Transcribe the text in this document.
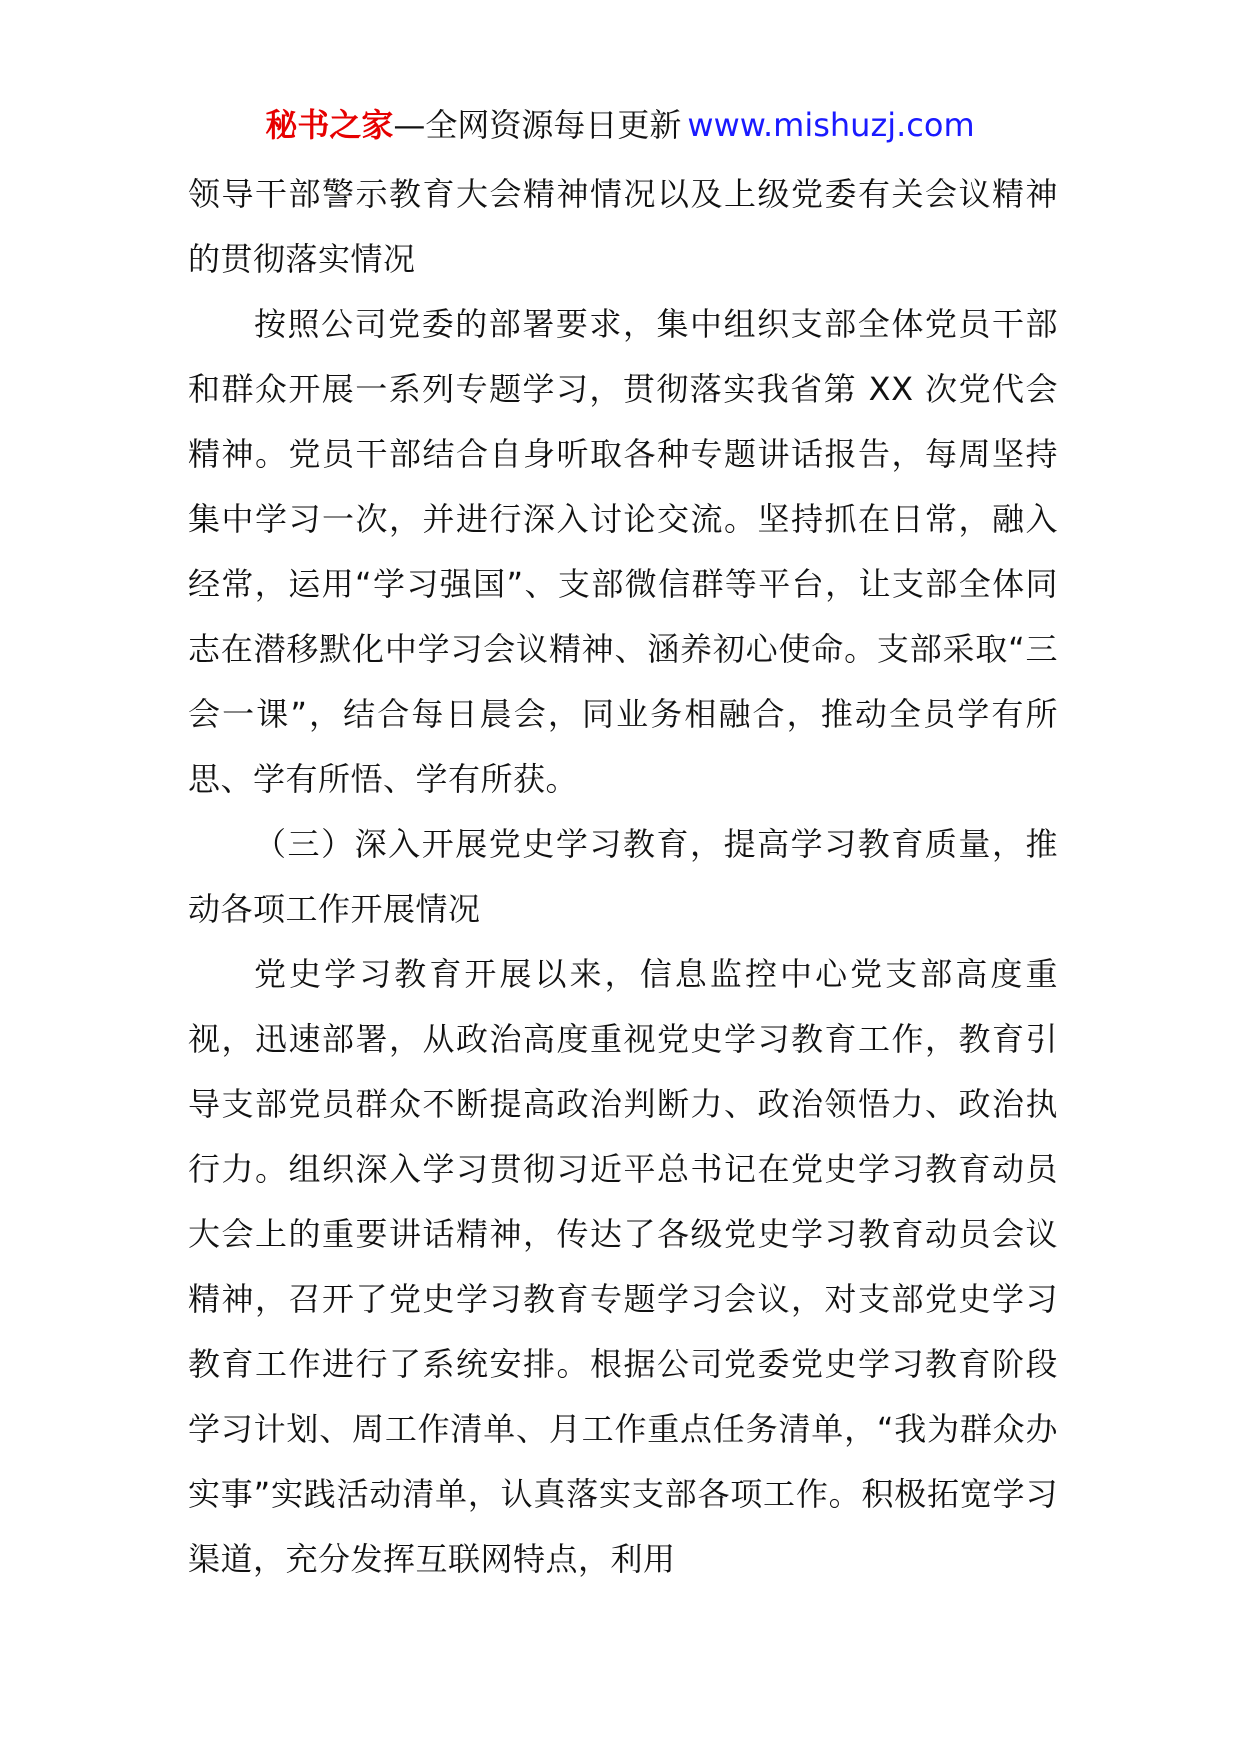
秘书之家—全网资源每日更新 www.mishuzj.com

领导干部警示教育大会精神情况以及上级党委有关会议精神的贯彻落实情况

按照公司党委的部署要求，集中组织支部全体党员干部和群众开展一系列专题学习，贯彻落实我省第 XX 次党代会精神。党员干部结合自身听取各种专题讲话报告，每周坚持集中学习一次，并进行深入讨论交流。坚持抓在日常，融入经常，运用“学习强国”、支部微信群等平台，让支部全体同志在潜移默化中学习会议精神、涵养初心使命。支部采取“三会一课”，结合每日晨会，同业务相融合，推动全员学有所思、学有所悟、学有所获。

（三）深入开展党史学习教育，提高学习教育质量，推动各项工作开展情况

党史学习教育开展以来，信息监控中心党支部高度重视，迅速部署，从政治高度重视党史学习教育工作，教育引导支部党员群众不断提高政治判断力、政治领悟力、政治执行力。组织深入学习贯彻习近平总书记在党史学习教育动员大会上的重要讲话精神，传达了各级党史学习教育动员会议精神，召开了党史学习教育专题学习会议，对支部党史学习教育工作进行了系统安排。根据公司党委党史学习教育阶段学习计划、周工作清单、月工作重点任务清单，“我为群众办实事”实践活动清单，认真落实支部各项工作。积极拓宽学习渠道，充分发挥互联网特点，利用
